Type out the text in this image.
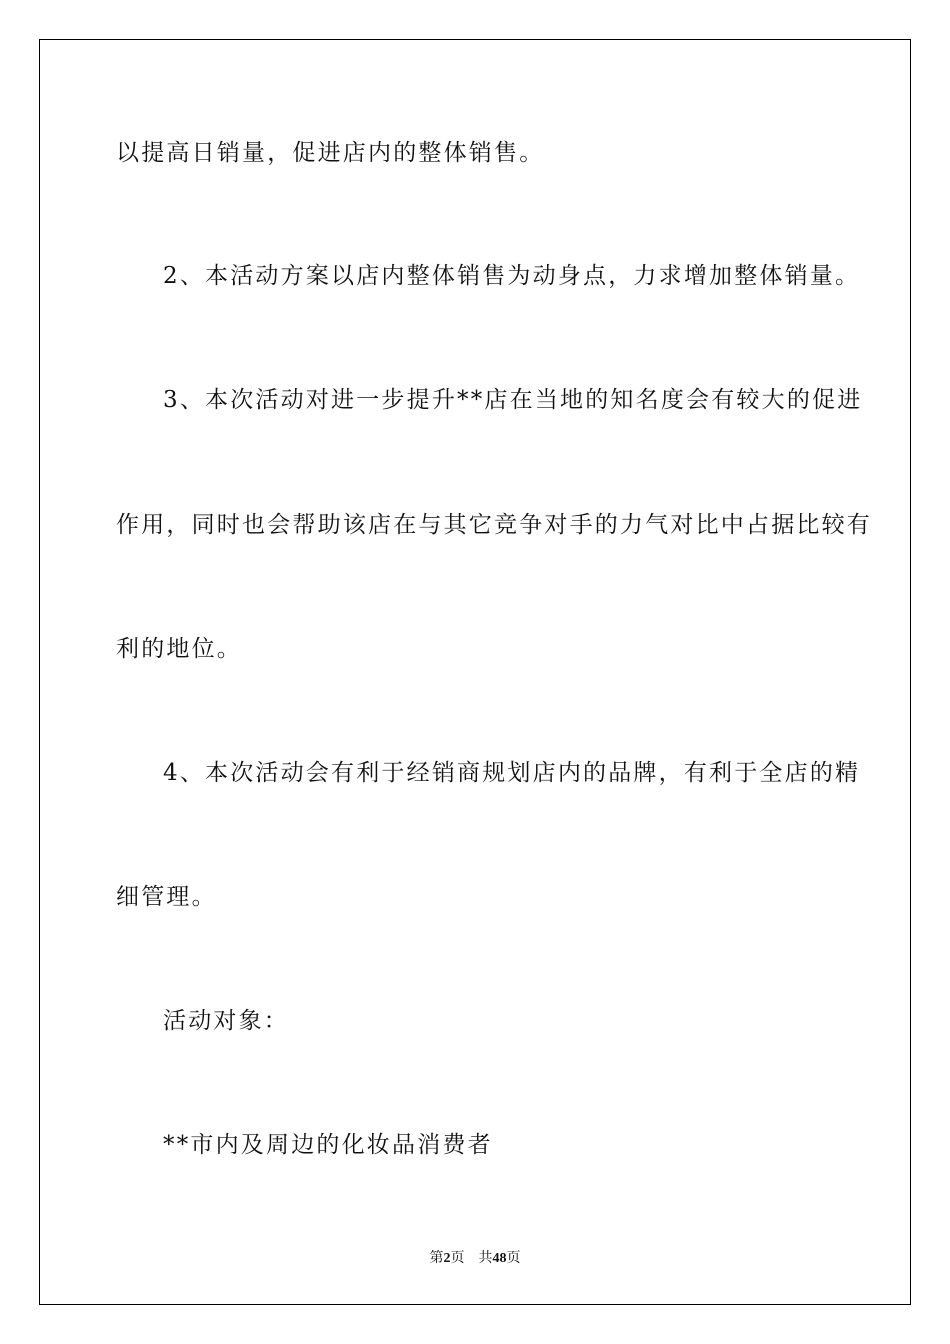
以提高日销量，促进店内的整体销售。
2、本活动方案以店内整体销售为动身点，力求增加整体销量。
3、本次活动对进一步提升**店在当地的知名度会有较大的促进
作用，同时也会帮助该店在与其它竞争对手的力气对比中占据比较有
利的地位。
4、本次活动会有利于经销商规划店内的品牌，有利于全店的精
细管理。
活动对象：
**市内及周边的化妆品消费者
第2页 共48页
